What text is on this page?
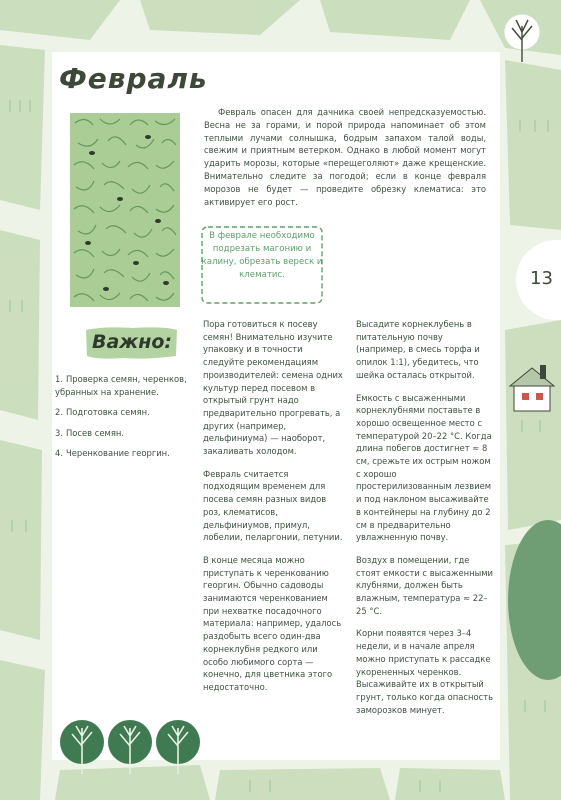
Февраль

Февраль опасен для дачника своей непредсказуемостью. Весна не за горами, и порой природа напоминает об этом теплыми лучами солнышка, бодрым запахом талой воды, свежим и приятным ветерком. Однако в любой момент могут ударить морозы, которые «перещеголяют» даже крещенские. Внимательно следите за погодой; если в конце февраля морозов не будет — проведите обрезку клематиса: это активирует его рост.

В феврале необходимо подрезать магонию и калину, обрезать вереск и клематис.	13
Важно:
1. Проверка семян, черенков, убранных на хранение.
2. Подготовка семян.
3. Посев семян.
4. Черенкование георгин.

Пора готовиться к посеву семян! Внимательно изучите упаковку и в точности следуйте рекомендациям производителей: семена одних культур перед посевом в открытый грунт надо предварительно прогревать, а других (например, дельфиниума) — наоборот, закаливать холодом.

Февраль считается подходящим временем для посева семян разных видов роз, клематисов, дельфиниумов, примул, лобелии, пеларгонии, петунии.

В конце месяца можно приступать к черенкованию георгин. Обычно садоводы занимаются черенкованием при нехватке посадочного материала: например, удалось раздобыть всего один-два корнеклубня редкого или особо любимого сорта — конечно, для цветника этого недостаточно.

Высадите корнеклубень в питательную почву (например, в смесь торфа и опилок 1:1), убедитесь, что шейка осталась открытой.

Емкость с высаженными корнеклубнями поставьте в хорошо освещенное место с температурой 20–22 °С. Когда длина побегов достигнет ≈ 8 см, срежьте их острым ножом с хорошо простерилизованным лезвием и под наклоном высаживайте в контейнеры на глубину до 2 см в предварительно увлажненную почву.

Воздух в помещении, где стоят емкости с высаженными клубнями, должен быть влажным, температура ≈ 22–25 °С.

Корни появятся через 3–4 недели, и в начале апреля можно приступать к рассадке укорененных черенков. Высаживайте их в открытый грунт, только когда опасность заморозков минует.
